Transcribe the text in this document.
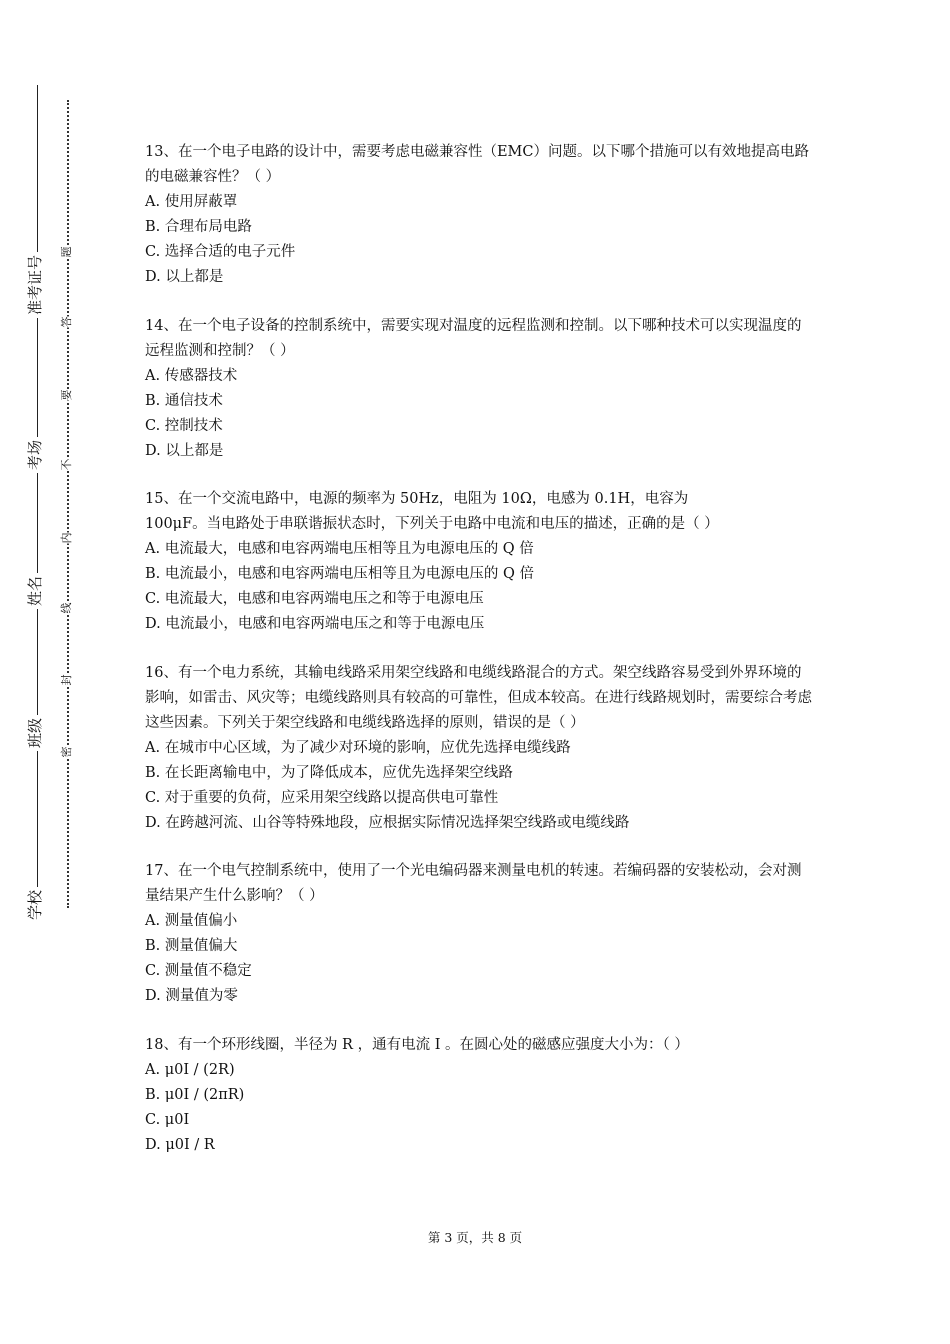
准考证号
考场
姓名
班级
学校
题
答
要
不
内
线
封
密
13、在一个电子电路的设计中，需要考虑电磁兼容性（EMC）问题。以下哪个措施可以有效地提高电路的电磁兼容性？（ ）
A. 使用屏蔽罩
B. 合理布局电路
C. 选择合适的电子元件
D. 以上都是
14、在一个电子设备的控制系统中，需要实现对温度的远程监测和控制。以下哪种技术可以实现温度的远程监测和控制？（ ）
A. 传感器技术
B. 通信技术
C. 控制技术
D. 以上都是
15、在一个交流电路中，电源的频率为 50Hz，电阻为 10Ω，电感为 0.1H，电容为
100μF。当电路处于串联谐振状态时，下列关于电路中电流和电压的描述，正确的是（ ）
A. 电流最大，电感和电容两端电压相等且为电源电压的 Q 倍
B. 电流最小，电感和电容两端电压相等且为电源电压的 Q 倍
C. 电流最大，电感和电容两端电压之和等于电源电压
D. 电流最小，电感和电容两端电压之和等于电源电压
16、有一个电力系统，其输电线路采用架空线路和电缆线路混合的方式。架空线路容易受到外界环境的影响，如雷击、风灾等；电缆线路则具有较高的可靠性，但成本较高。在进行线路规划时，需要综合考虑这些因素。下列关于架空线路和电缆线路选择的原则，错误的是（ ）
A. 在城市中心区域，为了减少对环境的影响，应优先选择电缆线路
B. 在长距离输电中，为了降低成本，应优先选择架空线路
C. 对于重要的负荷，应采用架空线路以提高供电可靠性
D. 在跨越河流、山谷等特殊地段，应根据实际情况选择架空线路或电缆线路
17、在一个电气控制系统中，使用了一个光电编码器来测量电机的转速。若编码器的安装松动，会对测量结果产生什么影响？（ ）
A. 测量值偏小
B. 测量值偏大
C. 测量值不稳定
D. 测量值为零
18、有一个环形线圈，半径为 R ，通有电流 I 。在圆心处的磁感应强度大小为：（ ）
A. μ0I / (2R)
B. μ0I / (2πR)
C. μ0I
D. μ0I / R
第 3 页，共 8 页
